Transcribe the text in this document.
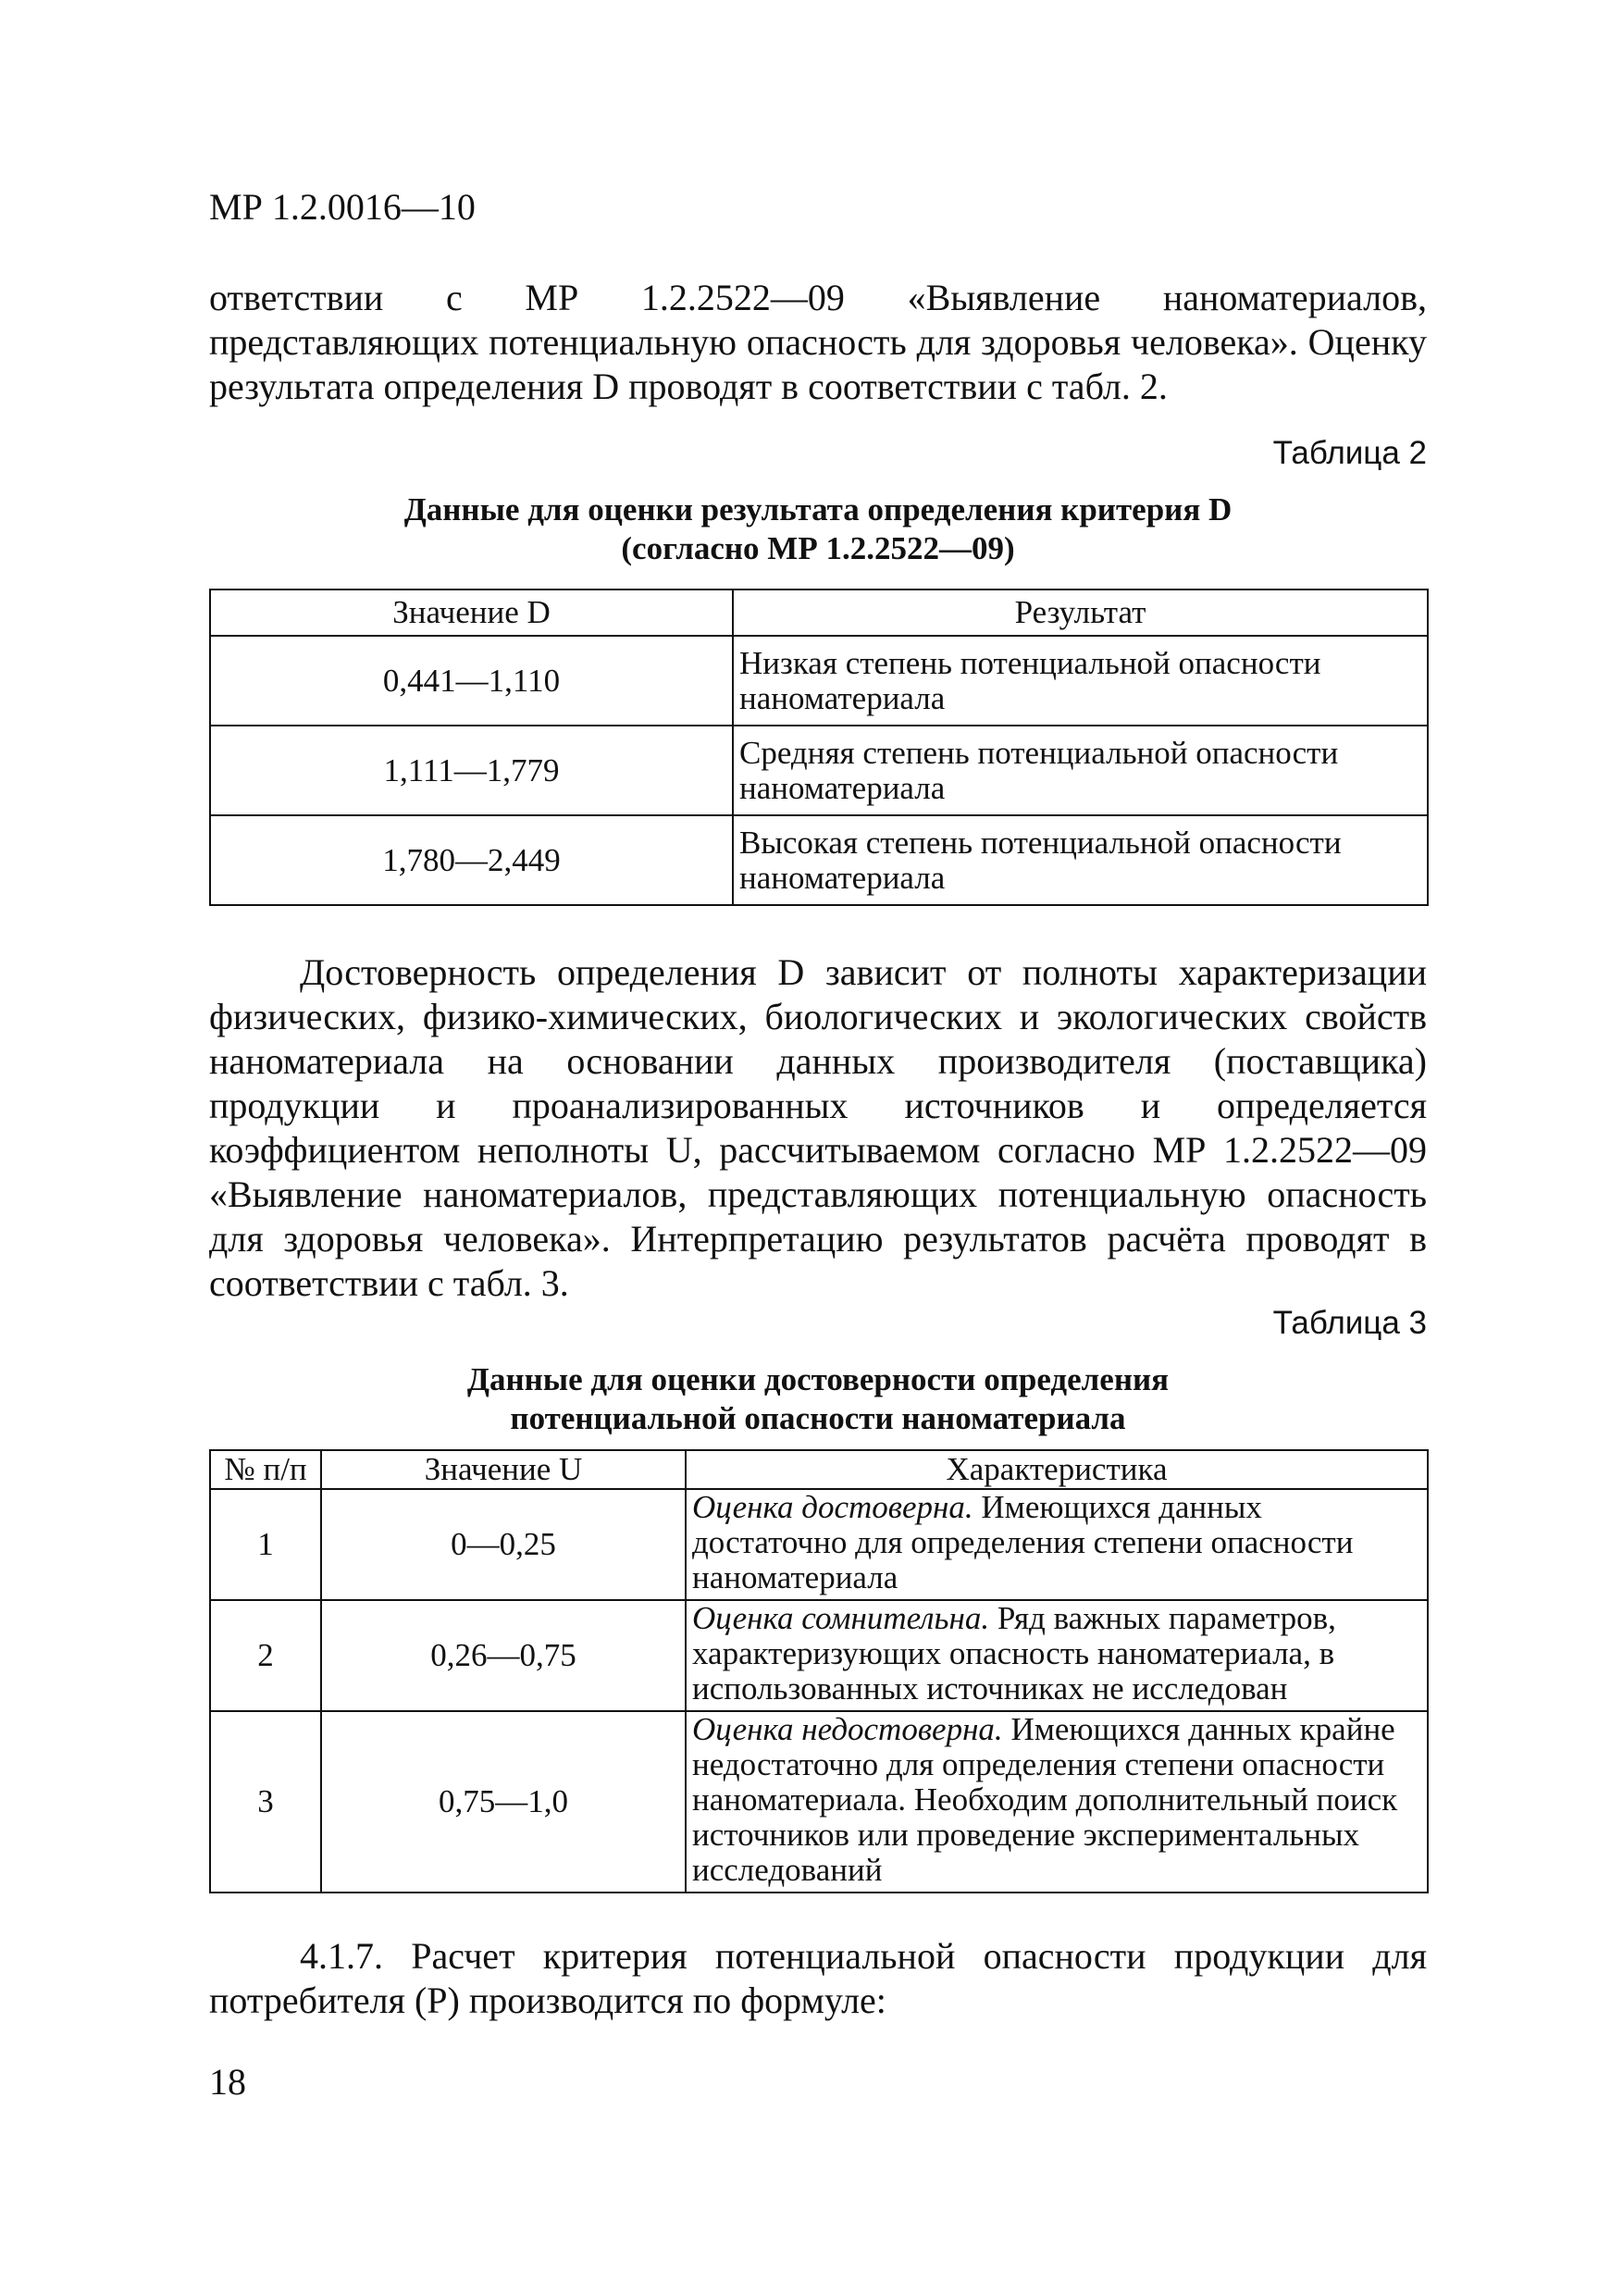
МР 1.2.0016—10

ответствии с МР 1.2.2522—09 «Выявление наноматериалов, представляющих потенциальную опасность для здоровья человека». Оценку результата определения D проводят в соответствии с табл. 2.

Таблица 2
Данные для оценки результата определения критерия D
(согласно МР 1.2.2522—09)
Значение D	Результат
0,441—1,110	Низкая степень потенциальной опасности наноматериала
1,111—1,779	Средняя степень потенциальной опасности наноматериала
1,780—2,449	Высокая степень потенциальной опасности наноматериала

Достоверность определения D зависит от полноты характеризации физических, физико-химических, биологических и экологических свойств наноматериала на основании данных производителя (поставщика) продукции и проанализированных источников и определяется коэффициентом неполноты U, рассчитываемом согласно МР 1.2.2522—09 «Выявление наноматериалов, представляющих потенциальную опасность для здоровья человека». Интерпретацию результатов расчёта проводят в соответствии с табл. 3.

Таблица 3
Данные для оценки достоверности определения
потенциальной опасности наноматериала
№ п/п	Значение U	Характеристика
1	0—0,25	Оценка достоверна. Имеющихся данных достаточно для определения степени опасности наноматериала
2	0,26—0,75	Оценка сомнительна. Ряд важных параметров, характеризующих опасность наноматериала, в использованных источниках не исследован
3	0,75—1,0	Оценка недостоверна. Имеющихся данных крайне недостаточно для определения степени опасности наноматериала. Необходим дополнительный поиск источников или проведение экспериментальных исследований

4.1.7. Расчет критерия потенциальной опасности продукции для потребителя (Р) производится по формуле:

18
